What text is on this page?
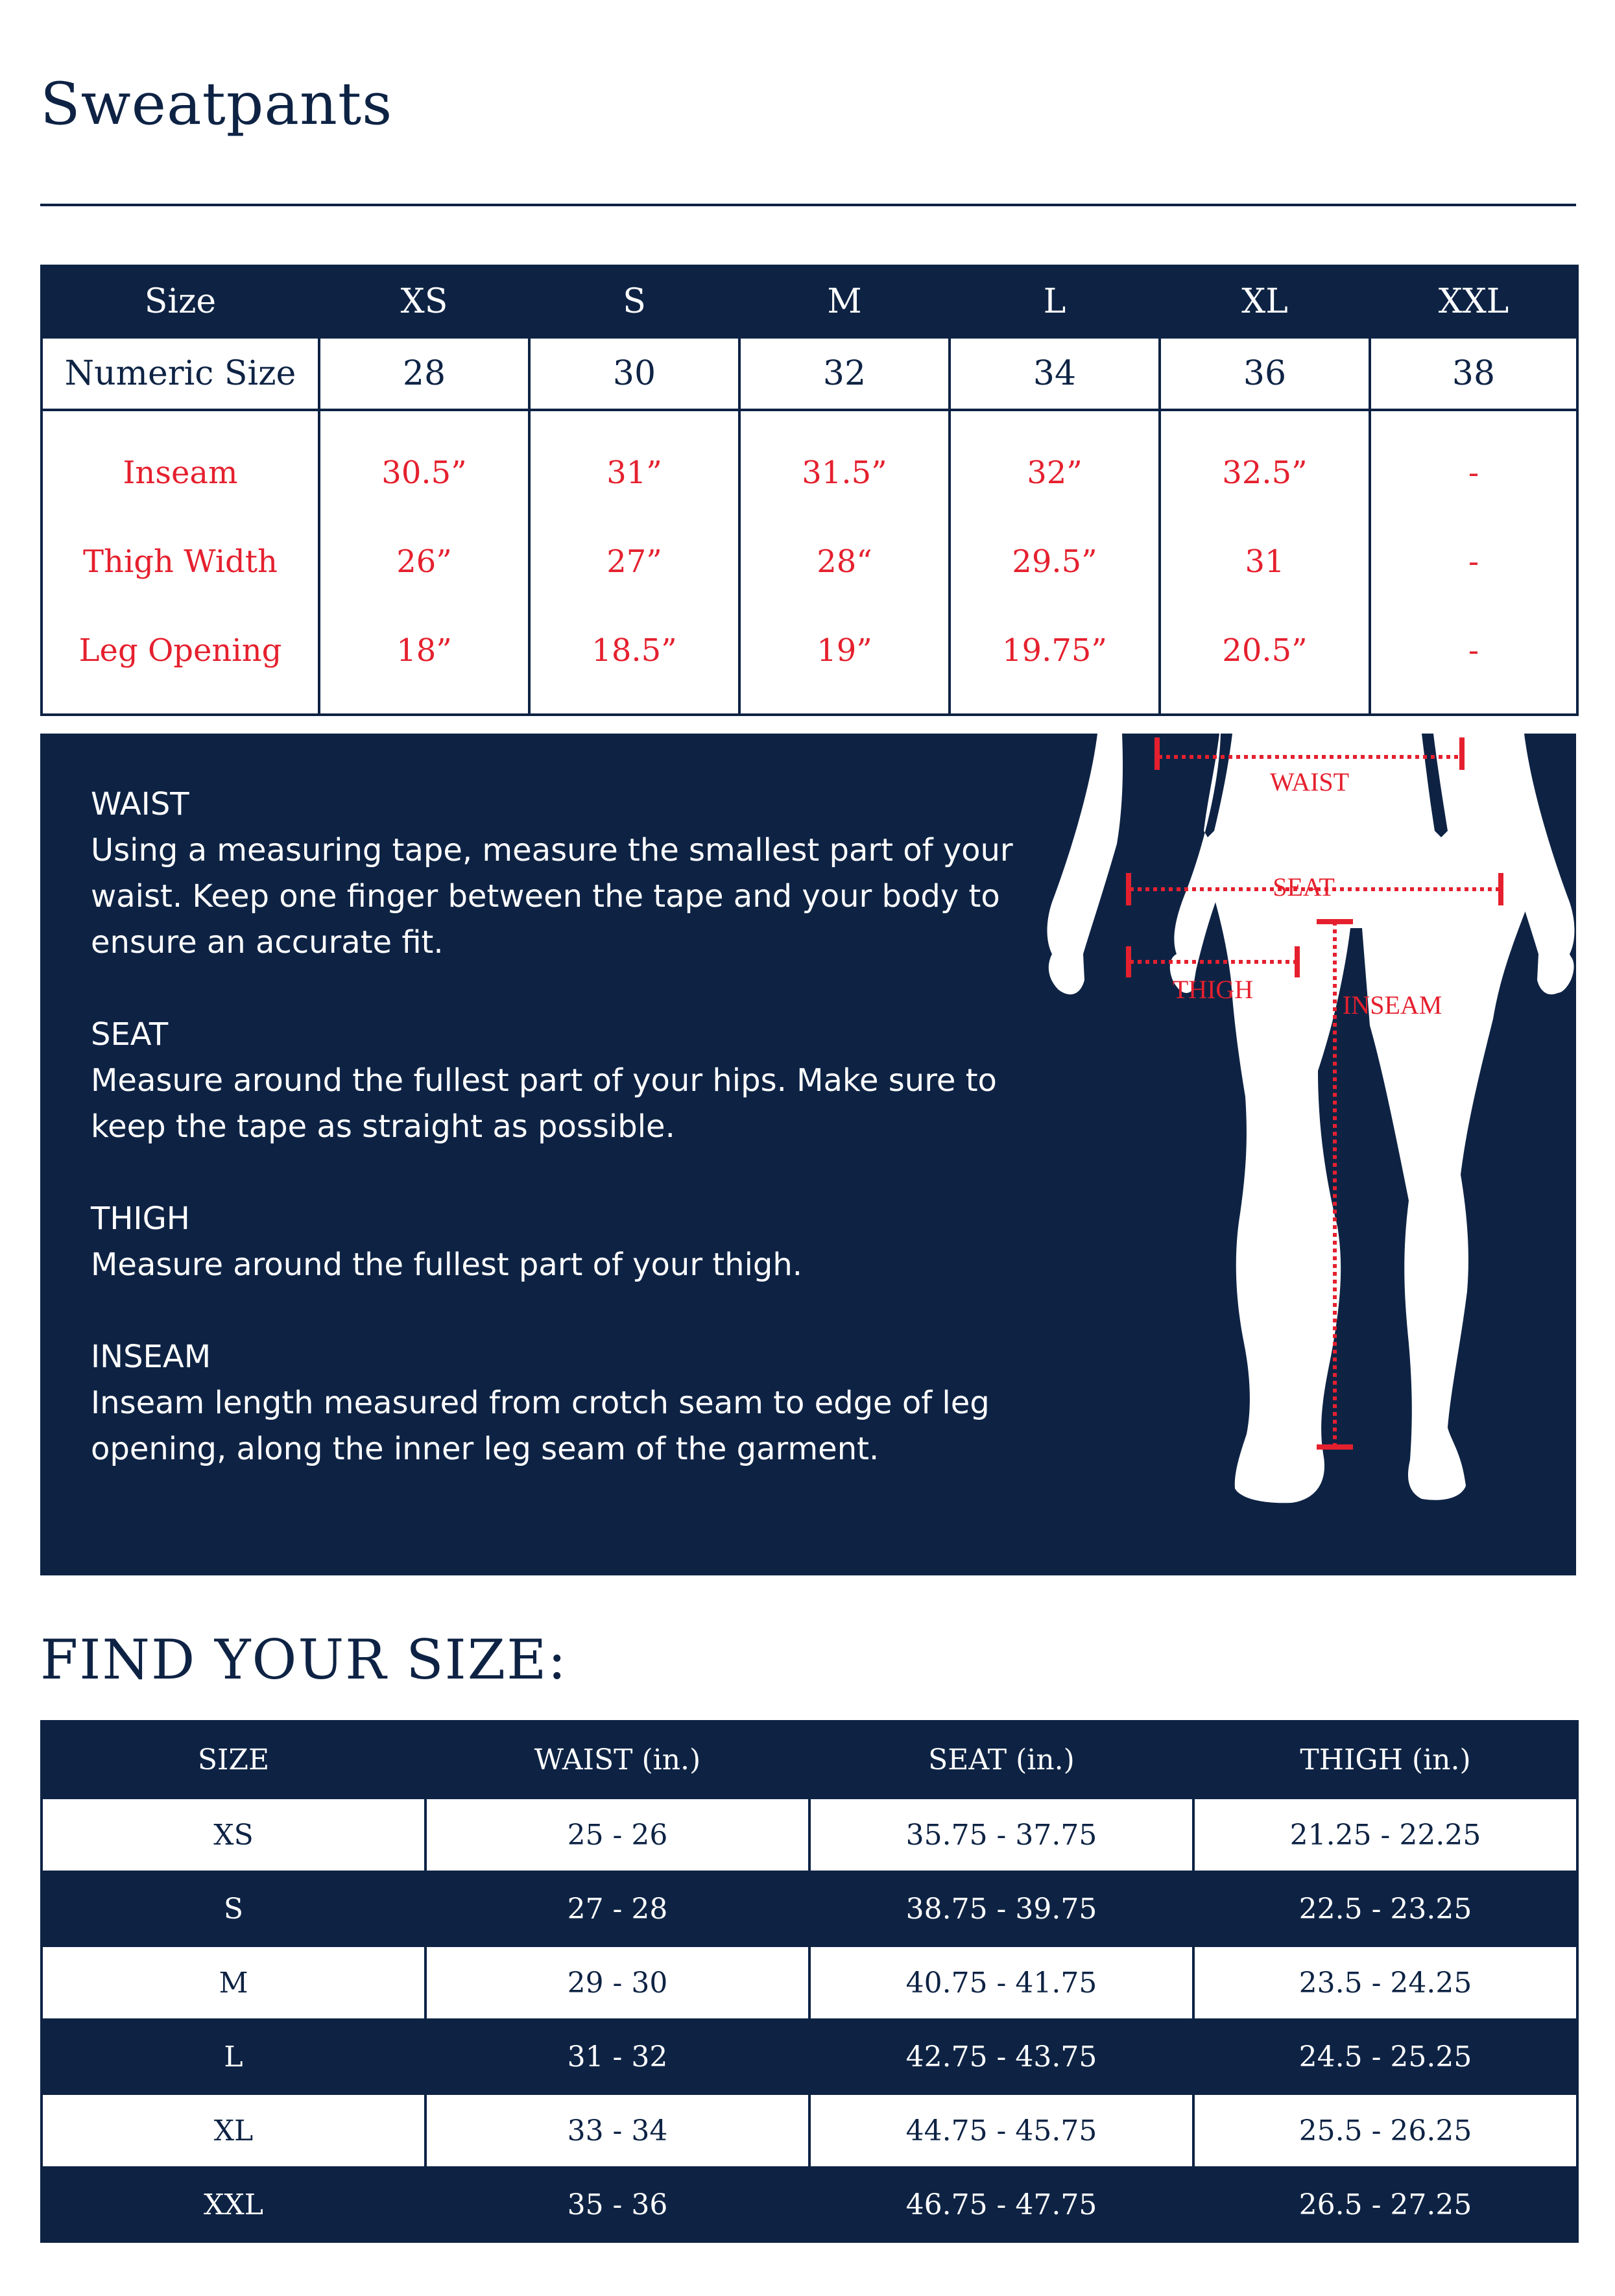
Sweatpants
Size	XS	S	M	L	XL	XXL
Numeric Size	28	30	32	34	36	38
Inseam	30.5”	31”	31.5”	32”	32.5”	-
Thigh Width	26”	27”	28“	29.5”	31	-
Leg Opening	18”	18.5”	19”	19.75”	20.5”	-
WAIST
Using a measuring tape, measure the smallest part of your waist. Keep one finger between the tape and your body to ensure an accurate fit.
SEAT
Measure around the fullest part of your hips. Make sure to keep the tape as straight as possible.
THIGH
Measure around the fullest part of your thigh.
INSEAM
Inseam length measured from crotch seam to edge of leg opening, along the inner leg seam of the garment.
WAIST
SEAT
THIGH
INSEAM
FIND YOUR SIZE:
SIZE	WAIST (in.)	SEAT (in.)	THIGH (in.)
XS	25 - 26	35.75 - 37.75	21.25 - 22.25
S	27 - 28	38.75 - 39.75	22.5 - 23.25
M	29 - 30	40.75 - 41.75	23.5 - 24.25
L	31 - 32	42.75 - 43.75	24.5 - 25.25
XL	33 - 34	44.75 - 45.75	25.5 - 26.25
XXL	35 - 36	46.75 - 47.75	26.5 - 27.25
